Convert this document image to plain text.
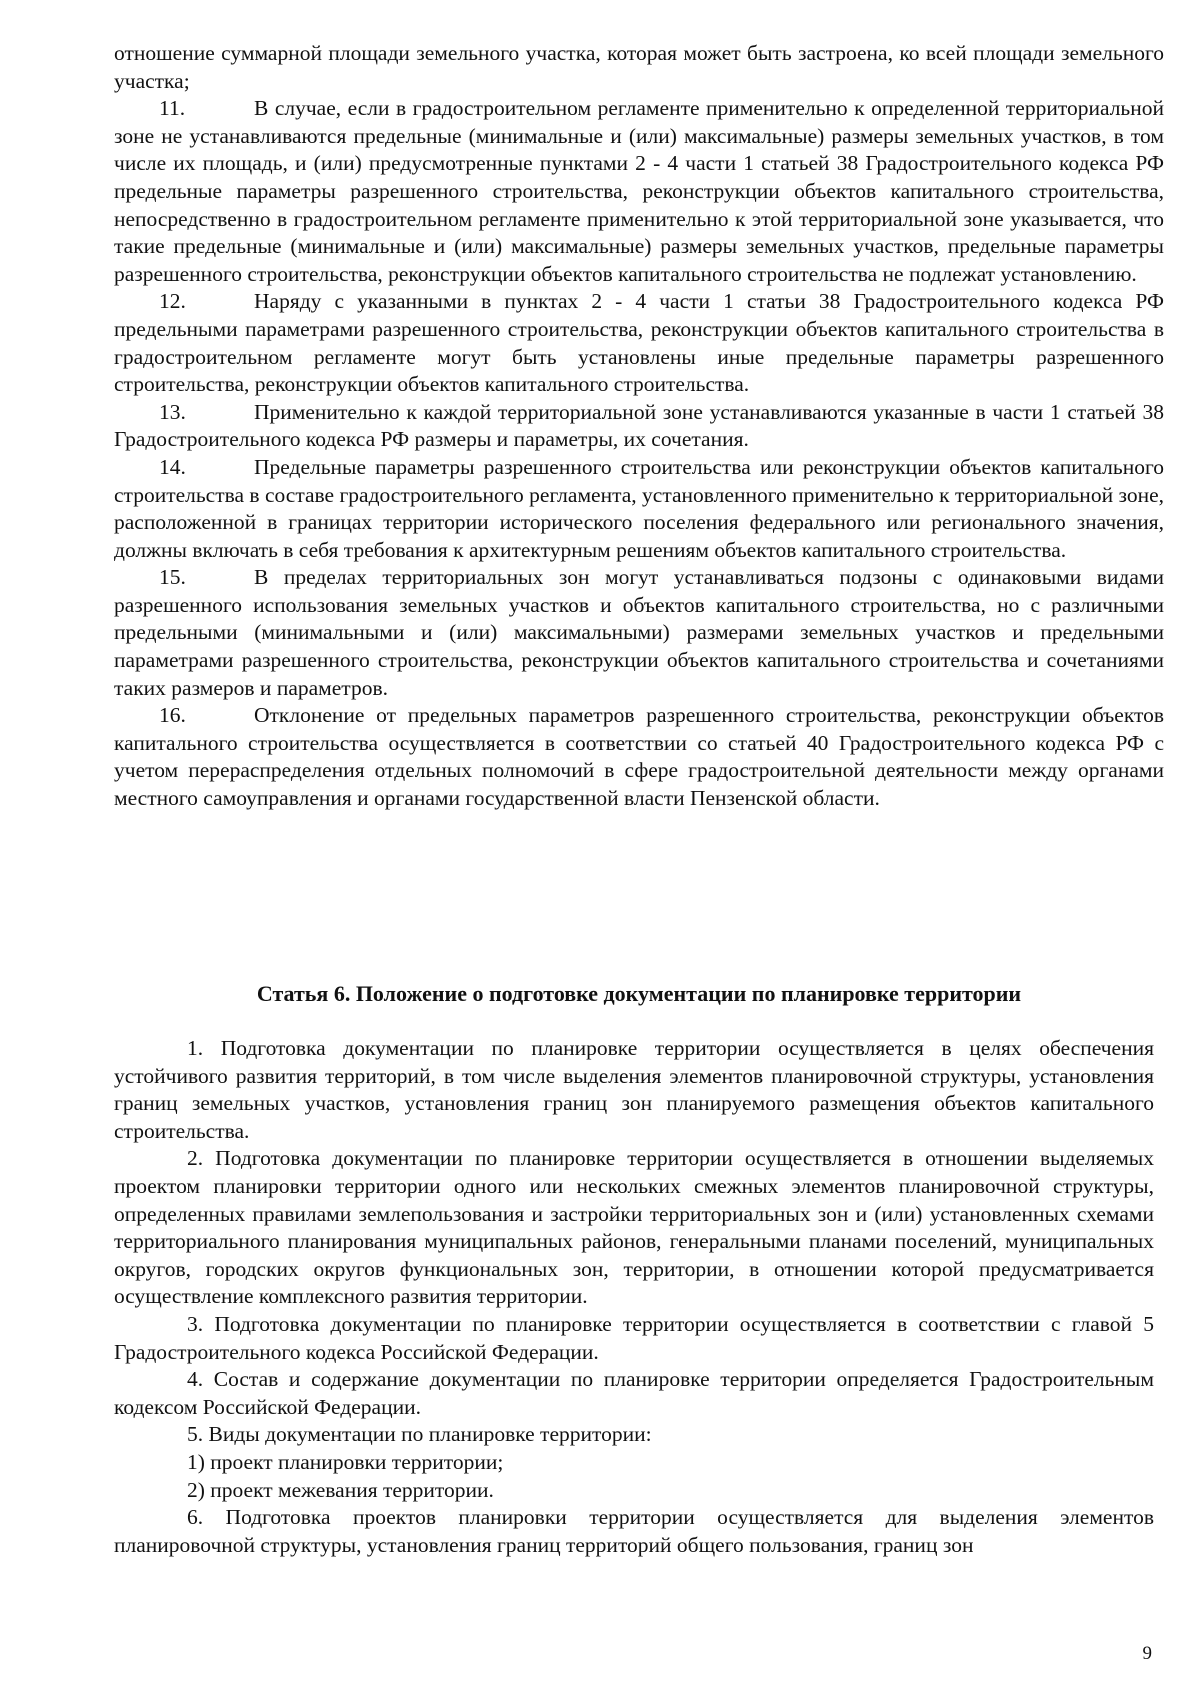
отношение суммарной площади земельного участка, которая может быть застроена, ко всей площади земельного участка;

11.	В случае, если в градостроительном регламенте применительно к определенной территориальной зоне не устанавливаются предельные (минимальные и (или) максимальные) размеры земельных участков, в том числе их площадь, и (или) предусмотренные пунктами 2 - 4 части 1 статьей 38 Градостроительного кодекса РФ предельные параметры разрешенного строительства, реконструкции объектов капитального строительства, непосредственно в градостроительном регламенте применительно к этой территориальной зоне указывается, что такие предельные (минимальные и (или) максимальные) размеры земельных участков, предельные параметры разрешенного строительства, реконструкции объектов капитального строительства не подлежат установлению.

12.	Наряду с указанными в пунктах 2 - 4 части 1 статьи 38 Градостроительного кодекса РФ предельными параметрами разрешенного строительства, реконструкции объектов капитального строительства в градостроительном регламенте могут быть установлены иные предельные параметры разрешенного строительства, реконструкции объектов капитального строительства.

13.	Применительно к каждой территориальной зоне устанавливаются указанные в части 1 статьей 38 Градостроительного кодекса РФ размеры и параметры, их сочетания.

14.	Предельные параметры разрешенного строительства или реконструкции объектов капитального строительства в составе градостроительного регламента, установленного применительно к территориальной зоне, расположенной в границах территории исторического поселения федерального или регионального значения, должны включать в себя требования к архитектурным решениям объектов капитального строительства.

15.	В пределах территориальных зон могут устанавливаться подзоны с одинаковыми видами разрешенного использования земельных участков и объектов капитального строительства, но с различными предельными (минимальными и (или) максимальными) размерами земельных участков и предельными параметрами разрешенного строительства, реконструкции объектов капитального строительства и сочетаниями таких размеров и параметров.

16.	Отклонение от предельных параметров разрешенного строительства, реконструкции объектов капитального строительства осуществляется в соответствии со статьей 40 Градостроительного кодекса РФ с учетом перераспределения отдельных полномочий в сфере градостроительной деятельности между органами местного самоуправления и органами государственной власти Пензенской области.

Статья 6. Положение о подготовке документации по планировке территории

1. Подготовка документации по планировке территории осуществляется в целях обеспечения устойчивого развития территорий, в том числе выделения элементов планировочной структуры, установления границ земельных участков, установления границ зон планируемого размещения объектов капитального строительства.

2. Подготовка документации по планировке территории осуществляется в отношении выделяемых проектом планировки территории одного или нескольких смежных элементов планировочной структуры, определенных правилами землепользования и застройки территориальных зон и (или) установленных схемами территориального планирования муниципальных районов, генеральными планами поселений, муниципальных округов, городских округов функциональных зон, территории, в отношении которой предусматривается осуществление комплексного развития территории.

3. Подготовка документации по планировке территории осуществляется в соответствии с главой 5 Градостроительного кодекса Российской Федерации.

4. Состав и содержание документации по планировке территории определяется Градостроительным кодексом Российской Федерации.

5. Виды документации по планировке территории:

1) проект планировки территории;

2) проект межевания территории.

6. Подготовка проектов планировки территории осуществляется для выделения элементов планировочной структуры, установления границ территорий общего пользования, границ зон

9
